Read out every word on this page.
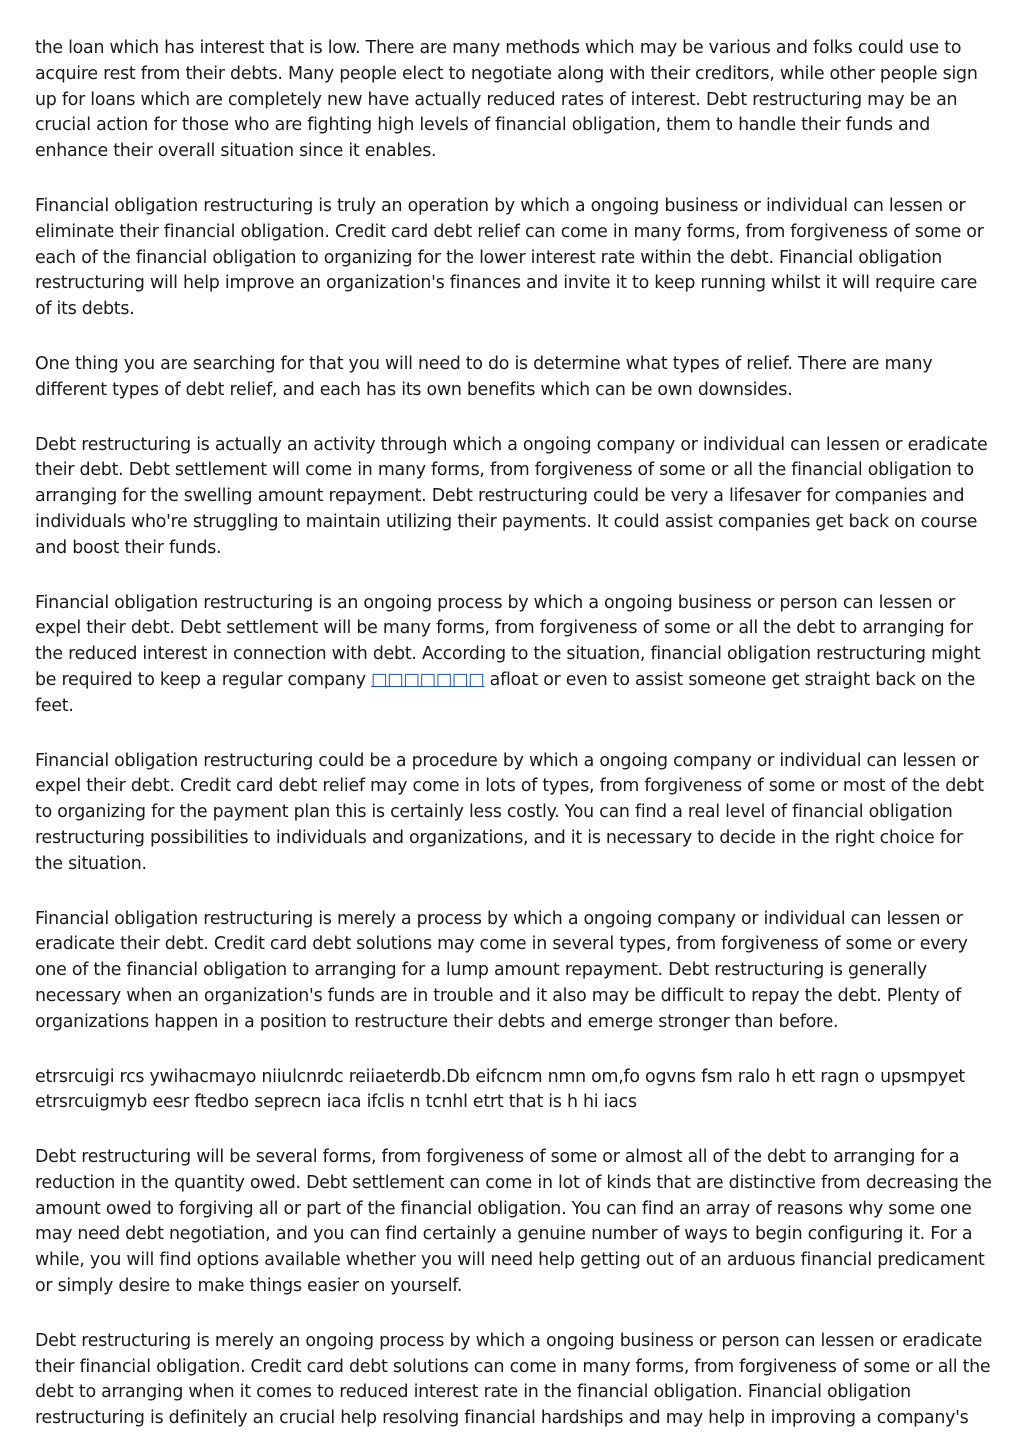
the loan which has interest that is low. There are many methods which may be various and folks could use to acquire rest from their debts. Many people elect to negotiate along with their creditors, while other people sign up for loans which are completely new have actually reduced rates of interest. Debt restructuring may be an crucial action for those who are fighting high levels of financial obligation, them to handle their funds and enhance their overall situation since it enables.

Financial obligation restructuring is truly an operation by which a ongoing business or individual can lessen or eliminate their financial obligation. Credit card debt relief can come in many forms, from forgiveness of some or each of the financial obligation to organizing for the lower interest rate within the debt. Financial obligation restructuring will help improve an organization's finances and invite it to keep running whilst it will require care of its debts.

One thing you are searching for that you will need to do is determine what types of relief. There are many different types of debt relief, and each has its own benefits which can be own downsides.

Debt restructuring is actually an activity through which a ongoing company or individual can lessen or eradicate their debt. Debt settlement will come in many forms, from forgiveness of some or all the financial obligation to arranging for the swelling amount repayment. Debt restructuring could be very a lifesaver for companies and individuals who're struggling to maintain utilizing their payments. It could assist companies get back on course and boost their funds.

Financial obligation restructuring is an ongoing process by which a ongoing business or person can lessen or expel their debt. Debt settlement will be many forms, from forgiveness of some or all the debt to arranging for the reduced interest in connection with debt. According to the situation, financial obligation restructuring might be required to keep a regular company □□□□□□□ afloat or even to assist someone get straight back on the feet.

Financial obligation restructuring could be a procedure by which a ongoing company or individual can lessen or expel their debt. Credit card debt relief may come in lots of types, from forgiveness of some or most of the debt to organizing for the payment plan this is certainly less costly. You can find a real level of financial obligation restructuring possibilities to individuals and organizations, and it is necessary to decide in the right choice for the situation.

Financial obligation restructuring is merely a process by which a ongoing company or individual can lessen or eradicate their debt. Credit card debt solutions may come in several types, from forgiveness of some or every one of the financial obligation to arranging for a lump amount repayment. Debt restructuring is generally necessary when an organization's funds are in trouble and it also may be difficult to repay the debt. Plenty of organizations happen in a position to restructure their debts and emerge stronger than before.

etrsrcuigi rcs ywihacmayo niiulcnrdc reiiaeterdb.Db eifcncm nmn om,fo ogvns fsm ralo h ett ragn o upsmpyet etrsrcuigmyb eesr ftedbo seprecn iaca ifclis n tcnhl etrt that is h hi iacs

Debt restructuring will be several forms, from forgiveness of some or almost all of the debt to arranging for a reduction in the quantity owed. Debt settlement can come in lot of kinds that are distinctive from decreasing the amount owed to forgiving all or part of the financial obligation. You can find an array of reasons why some one may need debt negotiation, and you can find certainly a genuine number of ways to begin configuring it. For a while, you will find options available whether you will need help getting out of an arduous financial predicament or simply desire to make things easier on yourself.

Debt restructuring is merely an ongoing process by which a ongoing business or person can lessen or eradicate their financial obligation. Credit card debt solutions can come in many forms, from forgiveness of some or all the debt to arranging when it comes to reduced interest rate in the financial obligation. Financial obligation restructuring is definitely an crucial help resolving financial hardships and may help in improving a company's
